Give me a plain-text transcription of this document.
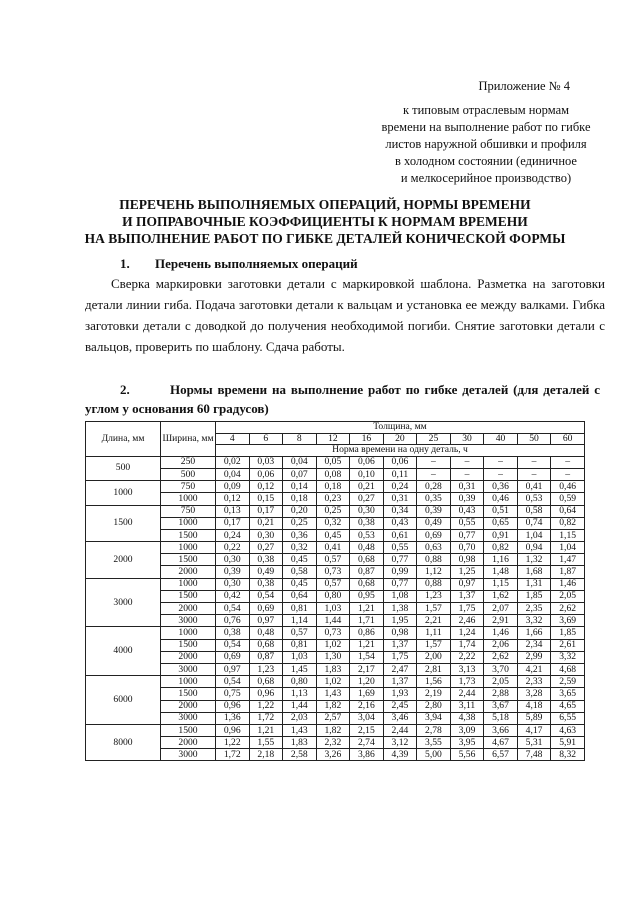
Приложение № 4
к типовым отраслевым нормам
времени на выполнение работ по гибке
листов наружной обшивки и профиля
в холодном состоянии (единичное
и мелкосерийное производство)
ПЕРЕЧЕНЬ ВЫПОЛНЯЕМЫХ ОПЕРАЦИЙ, НОРМЫ ВРЕМЕНИ
И ПОПРАВОЧНЫЕ КОЭФФИЦИЕНТЫ К НОРМАМ ВРЕМЕНИ
НА ВЫПОЛНЕНИЕ РАБОТ ПО ГИБКЕ ДЕТАЛЕЙ КОНИЧЕСКОЙ ФОРМЫ
1. Перечень выполняемых операций
Сверка маркировки заготовки детали с маркировкой шаблона. Разметка на заготовки детали линии гиба. Подача заготовки детали к вальцам и установка ее между валками. Гибка заготовки детали с доводкой до получения необходимой погиби. Снятие заготовки детали с вальцов, проверить по шаблону. Сдача работы.
2.	Нормы времени на выполнение работ по гибке деталей (для деталей с углом у основания 60 градусов)
Длина, мм	Ширина, мм	Толщина, мм										
		4	6	8	12	16	20	25	30	40	50	60
		Норма времени на одну деталь, ч										
500	250	0,02	0,03	0,04	0,05	0,06	0,06	–	–	–	–	–
	500	0,04	0,06	0,07	0,08	0,10	0,11	–	–	–	–	–
1000	750	0,09	0,12	0,14	0,18	0,21	0,24	0,28	0,31	0,36	0,41	0,46
	1000	0,12	0,15	0,18	0,23	0,27	0,31	0,35	0,39	0,46	0,53	0,59
1500	750	0,13	0,17	0,20	0,25	0,30	0,34	0,39	0,43	0,51	0,58	0,64
	1000	0,17	0,21	0,25	0,32	0,38	0,43	0,49	0,55	0,65	0,74	0,82
	1500	0,24	0,30	0,36	0,45	0,53	0,61	0,69	0,77	0,91	1,04	1,15
2000	1000	0,22	0,27	0,32	0,41	0,48	0,55	0,63	0,70	0,82	0,94	1,04
	1500	0,30	0,38	0,45	0,57	0,68	0,77	0,88	0,98	1,16	1,32	1,47
	2000	0,39	0,49	0,58	0,73	0,87	0,99	1,12	1,25	1,48	1,68	1,87
3000	1000	0,30	0,38	0,45	0,57	0,68	0,77	0,88	0,97	1,15	1,31	1,46
	1500	0,42	0,54	0,64	0,80	0,95	1,08	1,23	1,37	1,62	1,85	2,05
	2000	0,54	0,69	0,81	1,03	1,21	1,38	1,57	1,75	2,07	2,35	2,62
	3000	0,76	0,97	1,14	1,44	1,71	1,95	2,21	2,46	2,91	3,32	3,69
4000	1000	0,38	0,48	0,57	0,73	0,86	0,98	1,11	1,24	1,46	1,66	1,85
	1500	0,54	0,68	0,81	1,02	1,21	1,37	1,57	1,74	2,06	2,34	2,61
	2000	0,69	0,87	1,03	1,30	1,54	1,75	2,00	2,22	2,62	2,99	3,32
	3000	0,97	1,23	1,45	1,83	2,17	2,47	2,81	3,13	3,70	4,21	4,68
6000	1000	0,54	0,68	0,80	1,02	1,20	1,37	1,56	1,73	2,05	2,33	2,59
	1500	0,75	0,96	1,13	1,43	1,69	1,93	2,19	2,44	2,88	3,28	3,65
	2000	0,96	1,22	1,44	1,82	2,16	2,45	2,80	3,11	3,67	4,18	4,65
	3000	1,36	1,72	2,03	2,57	3,04	3,46	3,94	4,38	5,18	5,89	6,55
8000	1500	0,96	1,21	1,43	1,82	2,15	2,44	2,78	3,09	3,66	4,17	4,63
	2000	1,22	1,55	1,83	2,32	2,74	3,12	3,55	3,95	4,67	5,31	5,91
	3000	1,72	2,18	2,58	3,26	3,86	4,39	5,00	5,56	6,57	7,48	8,32
